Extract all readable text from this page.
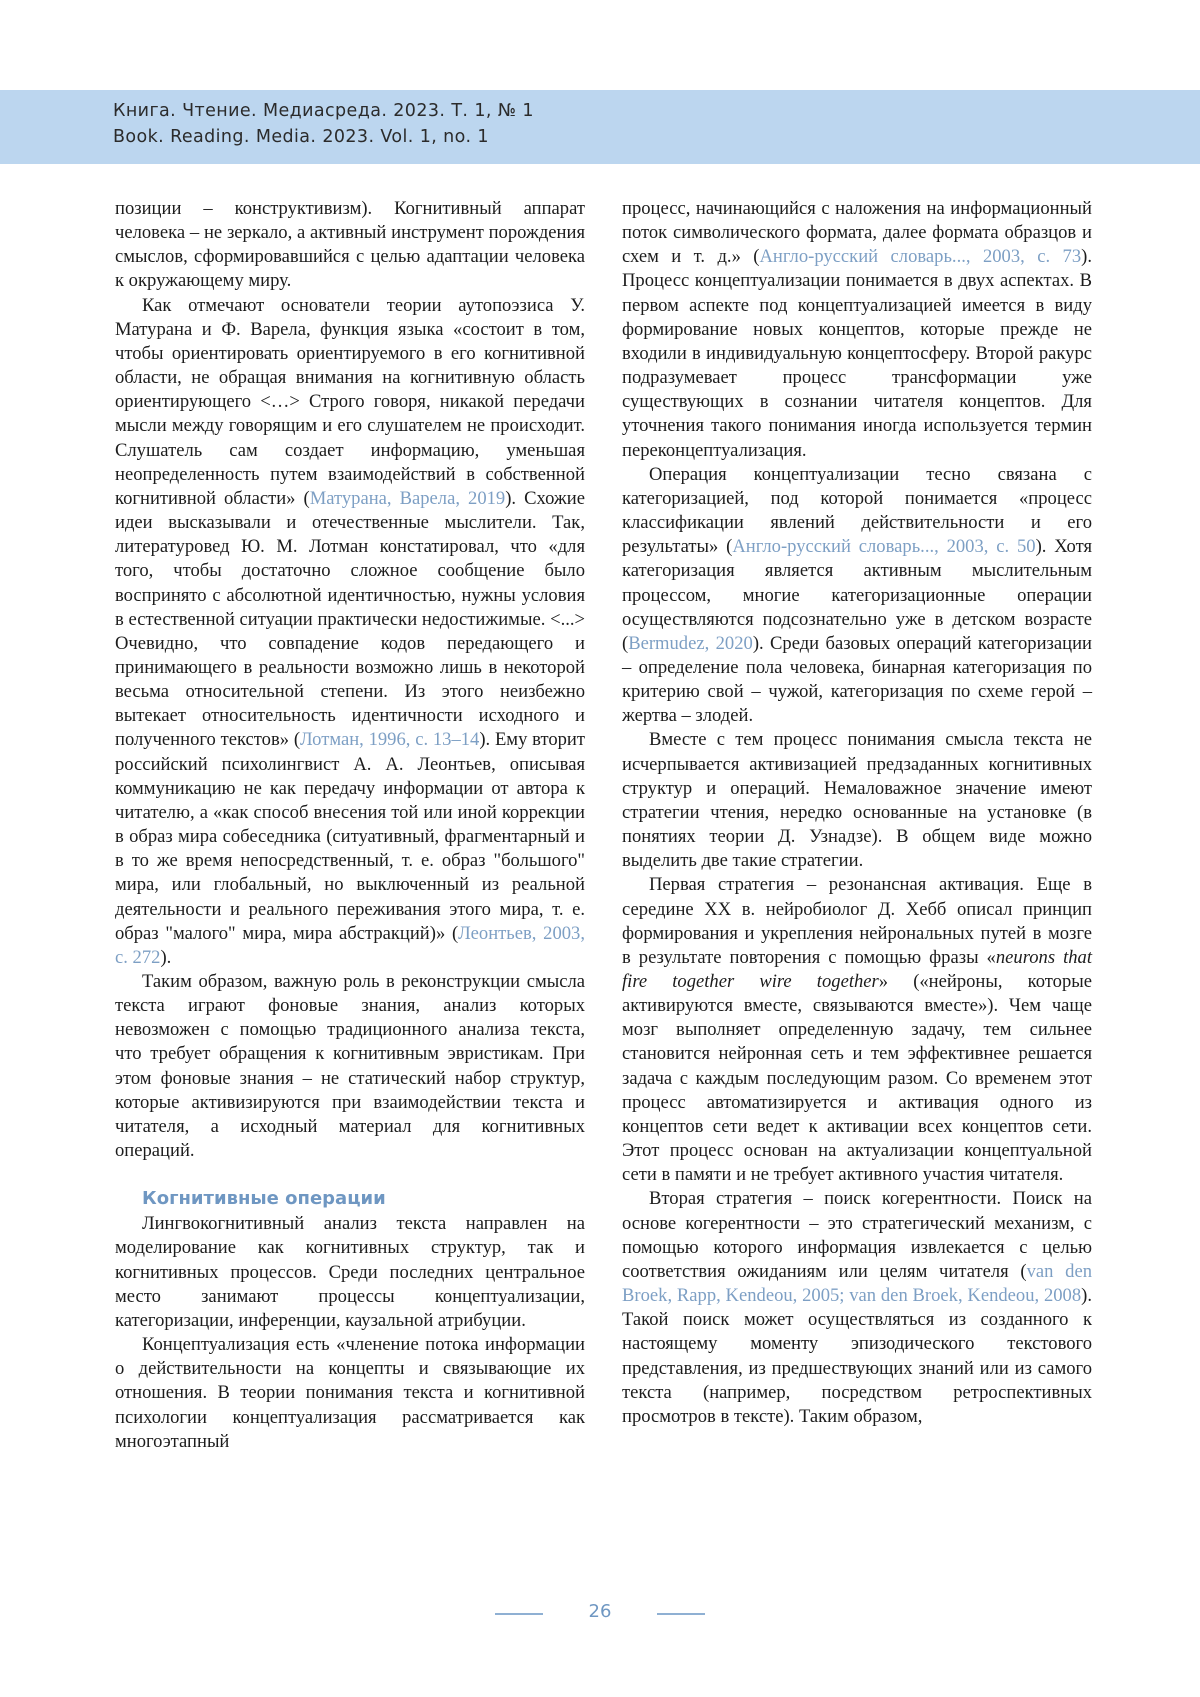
Книга. Чтение. Медиасреда. 2023. Т. 1, № 1
Book. Reading. Media. 2023. Vol. 1, no. 1

позиции – конструктивизм). Когнитивный аппарат человека – не зеркало, а активный инструмент порождения смыслов, сформировавшийся с целью адаптации человека к окружающему миру.

Как отмечают основатели теории аутопоэзиса У. Матурана и Ф. Варела, функция языка «состоит в том, чтобы ориентировать ориентируемого в его когнитивной области, не обращая внимания на когнитивную область ориентирующего <…> Строго говоря, никакой передачи мысли между говорящим и его слушателем не происходит. Слушатель сам создает информацию, уменьшая неопределенность путем взаимодействий в собственной когнитивной области» (Матурана, Варела, 2019). Схожие идеи высказывали и отечественные мыслители. Так, литературовед Ю. М. Лотман констатировал, что «для того, чтобы достаточно сложное сообщение было воспринято с абсолютной идентичностью, нужны условия в естественной ситуации практически недостижимые. <...> Очевидно, что совпадение кодов передающего и принимающего в реальности возможно лишь в некоторой весьма относительной степени. Из этого неизбежно вытекает относительность идентичности исходного и полученного текстов» (Лотман, 1996, с. 13–14). Ему вторит российский психолингвист А. А. Леонтьев, описывая коммуникацию не как передачу информации от автора к читателю, а «как способ внесения той или иной коррекции в образ мира собеседника (ситуативный, фрагментарный и в то же время непосредственный, т. е. образ "большого" мира, или глобальный, но выключенный из реальной деятельности и реального переживания этого мира, т. е. образ "малого" мира, мира абстракций)» (Леонтьев, 2003, с. 272).

Таким образом, важную роль в реконструкции смысла текста играют фоновые знания, анализ которых невозможен с помощью традиционного анализа текста, что требует обращения к когнитивным эвристикам. При этом фоновые знания – не статический набор структур, которые активизируются при взаимодействии текста и читателя, а исходный материал для когнитивных операций.

Когнитивные операции

Лингвокогнитивный анализ текста направлен на моделирование как когнитивных структур, так и когнитивных процессов. Среди последних центральное место занимают процессы концептуализации, категоризации, инференции, каузальной атрибуции.

Концептуализация есть «членение потока информации о действительности на концепты и связывающие их отношения. В теории понимания текста и когнитивной психологии концептуализация рассматривается как многоэтапный

процесс, начинающийся с наложения на информационный поток символического формата, далее формата образцов и схем и т. д.» (Англо-русский словарь..., 2003, с. 73). Процесс концептуализации понимается в двух аспектах. В первом аспекте под концептуализацией имеется в виду формирование новых концептов, которые прежде не входили в индивидуальную концептосферу. Второй ракурс подразумевает процесс трансформации уже существующих в сознании читателя концептов. Для уточнения такого понимания иногда используется термин переконцептуализация.

Операция концептуализации тесно связана с категоризацией, под которой понимается «процесс классификации явлений действительности и его результаты» (Англо-русский словарь..., 2003, с. 50). Хотя категоризация является активным мыслительным процессом, многие категоризационные операции осуществляются подсознательно уже в детском возрасте (Bermudez, 2020). Среди базовых операций категоризации – определение пола человека, бинарная категоризация по критерию свой – чужой, категоризация по схеме герой – жертва – злодей.

Вместе с тем процесс понимания смысла текста не исчерпывается активизацией предзаданных когнитивных структур и операций. Немаловажное значение имеют стратегии чтения, нередко основанные на установке (в понятиях теории Д. Узнадзе). В общем виде можно выделить две такие стратегии.

Первая стратегия – резонансная активация. Еще в середине XX в. нейробиолог Д. Хебб описал принцип формирования и укрепления нейрональных путей в мозге в результате повторения с помощью фразы «neurons that fire together wire together» («нейроны, которые активируются вместе, связываются вместе»). Чем чаще мозг выполняет определенную задачу, тем сильнее становится нейронная сеть и тем эффективнее решается задача с каждым последующим разом. Со временем этот процесс автоматизируется и активация одного из концептов сети ведет к активации всех концептов сети. Этот процесс основан на актуализации концептуальной сети в памяти и не требует активного участия читателя.

Вторая стратегия – поиск когерентности. Поиск на основе когерентности – это стратегический механизм, с помощью которого информация извлекается с целью соответствия ожиданиям или целям читателя (van den Broek, Rapp, Kendeou, 2005; van den Broek, Kendeou, 2008). Такой поиск может осуществляться из созданного к настоящему моменту эпизодического текстового представления, из предшествующих знаний или из самого текста (например, посредством ретроспективных просмотров в тексте). Таким образом,

26
